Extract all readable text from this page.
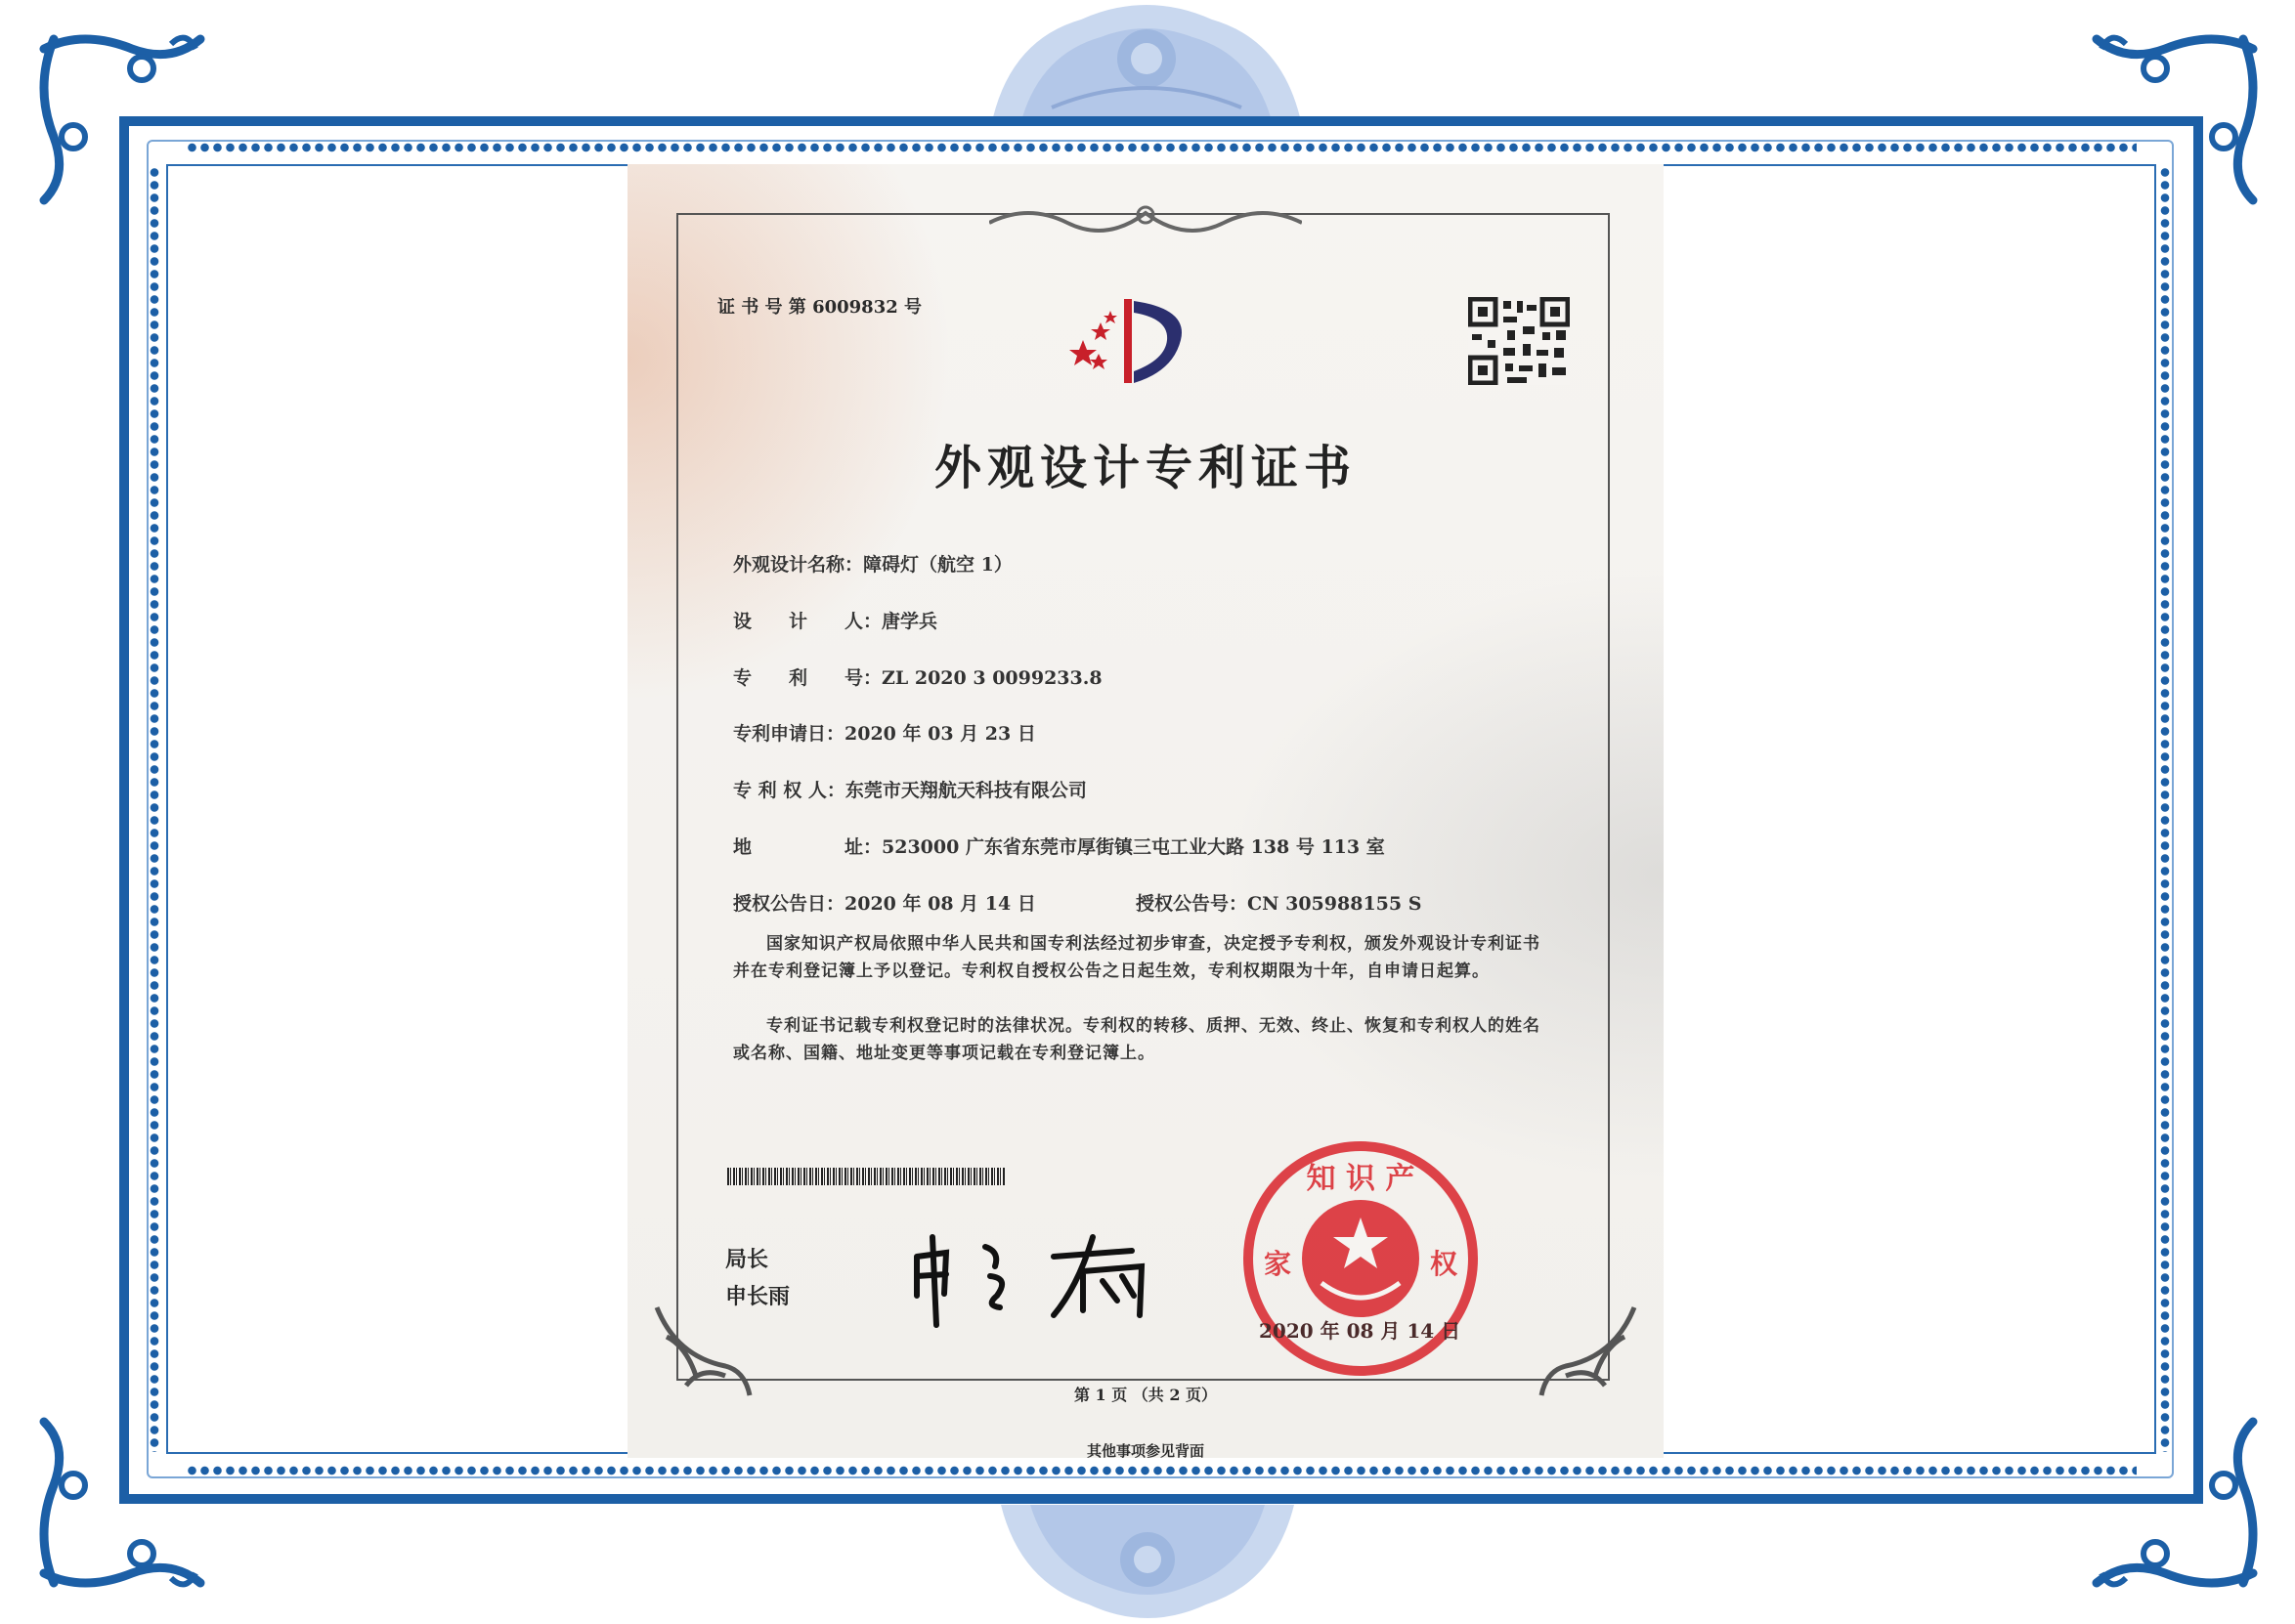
证 书 号 第 6009832 号
外观设计专利证书
外观设计名称：障碍灯（航空 1）
设　　计　　人：唐学兵
专　　利　　号：ZL 2020 3 0099233.8
专利申请日：2020 年 03 月 23 日
专 利 权 人：东莞市天翔航天科技有限公司
地　　　　　址：523000 广东省东莞市厚街镇三屯工业大路 138 号 113 室
授权公告日：2020 年 08 月 14 日	授权公告号：CN 305988155 S
国家知识产权局依照中华人民共和国专利法经过初步审查，决定授予专利权，颁发外观设计专利证书并在专利登记簿上予以登记。专利权自授权公告之日起生效，专利权期限为十年，自申请日起算。
专利证书记载专利权登记时的法律状况。专利权的转移、质押、无效、终止、恢复和专利权人的姓名或名称、国籍、地址变更等事项记载在专利登记簿上。
局长
申长雨
知 识 产
家	权
2020 年 08 月 14 日
第 1 页 （共 2 页）
其他事项参见背面
